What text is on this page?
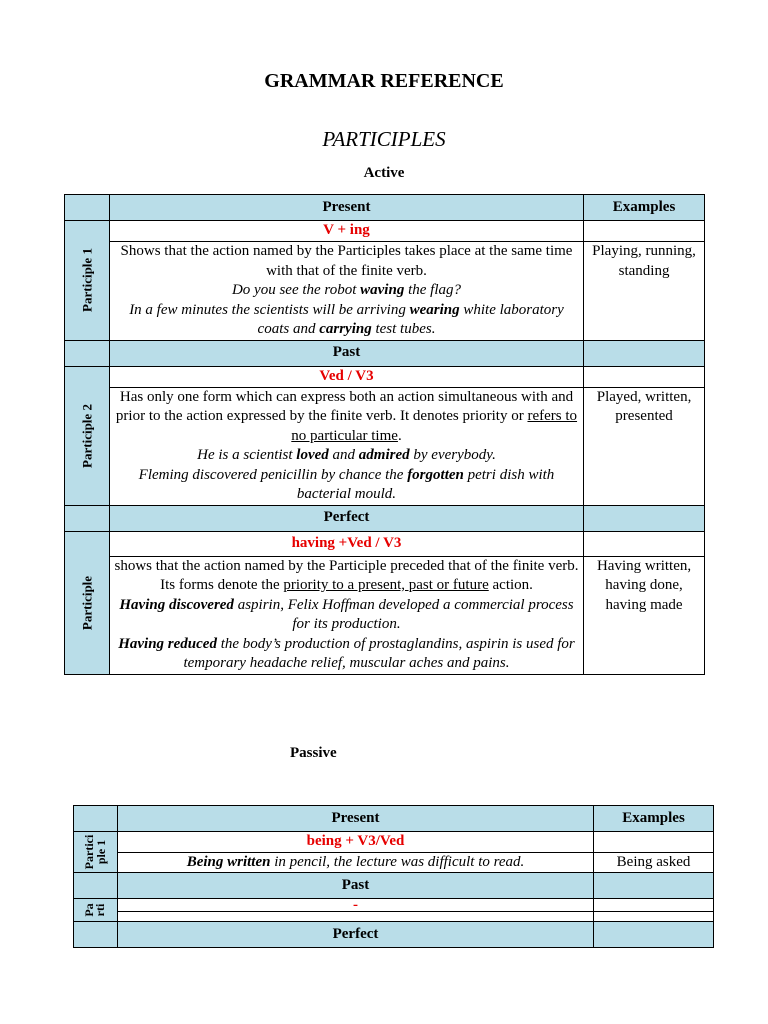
GRAMMAR REFERENCE
PARTICIPLES
Active
	Present	Examples

Participle 1	V + ing	

	Shows that the action named by the Participles takes place at the same time with that of the finite verb.
Do you see the robot waving the flag?
In a few minutes the scientists will be arriving wearing white laboratory coats and carrying test tubes.	Playing, running, standing
	Past	

Participle 2	Ved / V3	

	Has only one form which can express both an action simultaneous with and prior to the action expressed by the finite verb. It denotes priority or refers to no particular time.
He is a scientist loved and admired by everybody.
Fleming discovered penicillin by chance the forgotten petri dish with bacterial mould.	Played, written, presented
	Perfect	

Participle	having +Ved / V3	

	shows that the action named by the Participle preceded that of the finite verb. Its forms denote the priority to a present, past or future action.
Having discovered aspirin, Felix Hoffman developed a commercial process for its production.
Having reduced the body’s production of prostaglandins, aspirin is used for temporary headache relief, muscular aches and pains.	Having written, having done, having made
Passive
	Present	Examples

Partici ple 1	being + V3/Ved	
	Being written in pencil, the lecture was difficult to read.	Being asked
	Past	

Pa rti	-	

	Perfect	
